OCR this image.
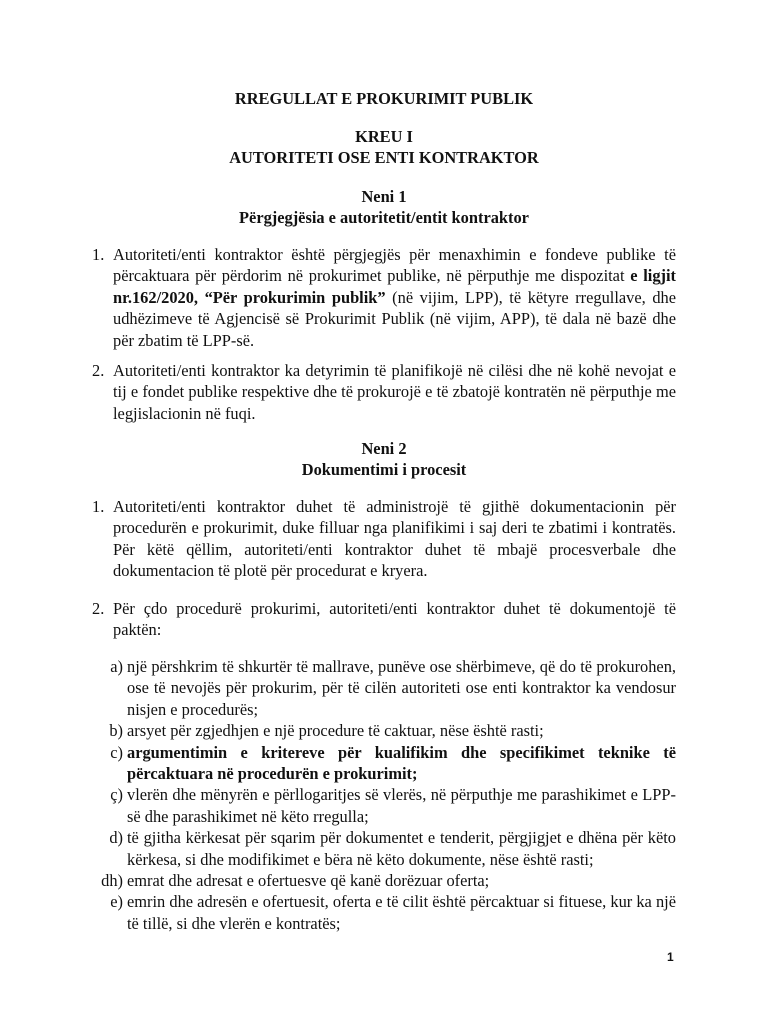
RREGULLAT E PROKURIMIT PUBLIK
KREU I
AUTORITETI OSE ENTI KONTRAKTOR
Neni 1
Përgjegjësia e autoritetit/entit kontraktor
1. Autoriteti/enti kontraktor është përgjegjës për menaxhimin e fondeve publike të përcaktuara për përdorim në prokurimet publike, në përputhje me dispozitat e ligjit nr.162/2020, “Për prokurimin publik” (në vijim, LPP), të këtyre rregullave, dhe udhëzimeve të Agjencisë së Prokurimit Publik (në vijim, APP), të dala në bazë dhe për zbatim të LPP-së.
2. Autoriteti/enti kontraktor ka detyrimin të planifikojë në cilësi dhe në kohë nevojat e tij e fondet publike respektive dhe të prokurojë e të zbatojë kontratën në përputhje me legjislacionin në fuqi.
Neni 2
Dokumentimi i procesit
1. Autoriteti/enti kontraktor duhet të administrojë të gjithë dokumentacionin për procedurën e prokurimit, duke filluar nga planifikimi i saj deri te zbatimi i kontratës. Për këtë qëllim, autoriteti/enti kontraktor duhet të mbajë procesverbale dhe dokumentacion të plotë për procedurat e kryera.
2. Për çdo procedurë prokurimi, autoriteti/enti kontraktor duhet të dokumentojë të paktën:
a) një përshkrim të shkurtër të mallrave, punëve ose shërbimeve, që do të prokurohen, ose të nevojës për prokurim, për të cilën autoriteti ose enti kontraktor ka vendosur nisjen e procedurës;
b) arsyet për zgjedhjen e një procedure të caktuar, nëse është rasti;
c) argumentimin e kritereve për kualifikim dhe specifikimet teknike të përcaktuara në procedurën e prokurimit;
ç) vlerën dhe mënyrën e përllogaritjes së vlerës, në përputhje me parashikimet e LPP-së dhe parashikimet në këto rregulla;
d) të gjitha kërkesat për sqarim për dokumentet e tenderit, përgjigjet e dhëna për këto kërkesa, si dhe modifikimet e bëra në këto dokumente, nëse është rasti;
dh) emrat dhe adresat e ofertuesve që kanë dorëzuar oferta;
e) emrin dhe adresën e ofertuesit, oferta e të cilit është përcaktuar si fituese, kur ka një të tillë, si dhe vlerën e kontratës;
1
